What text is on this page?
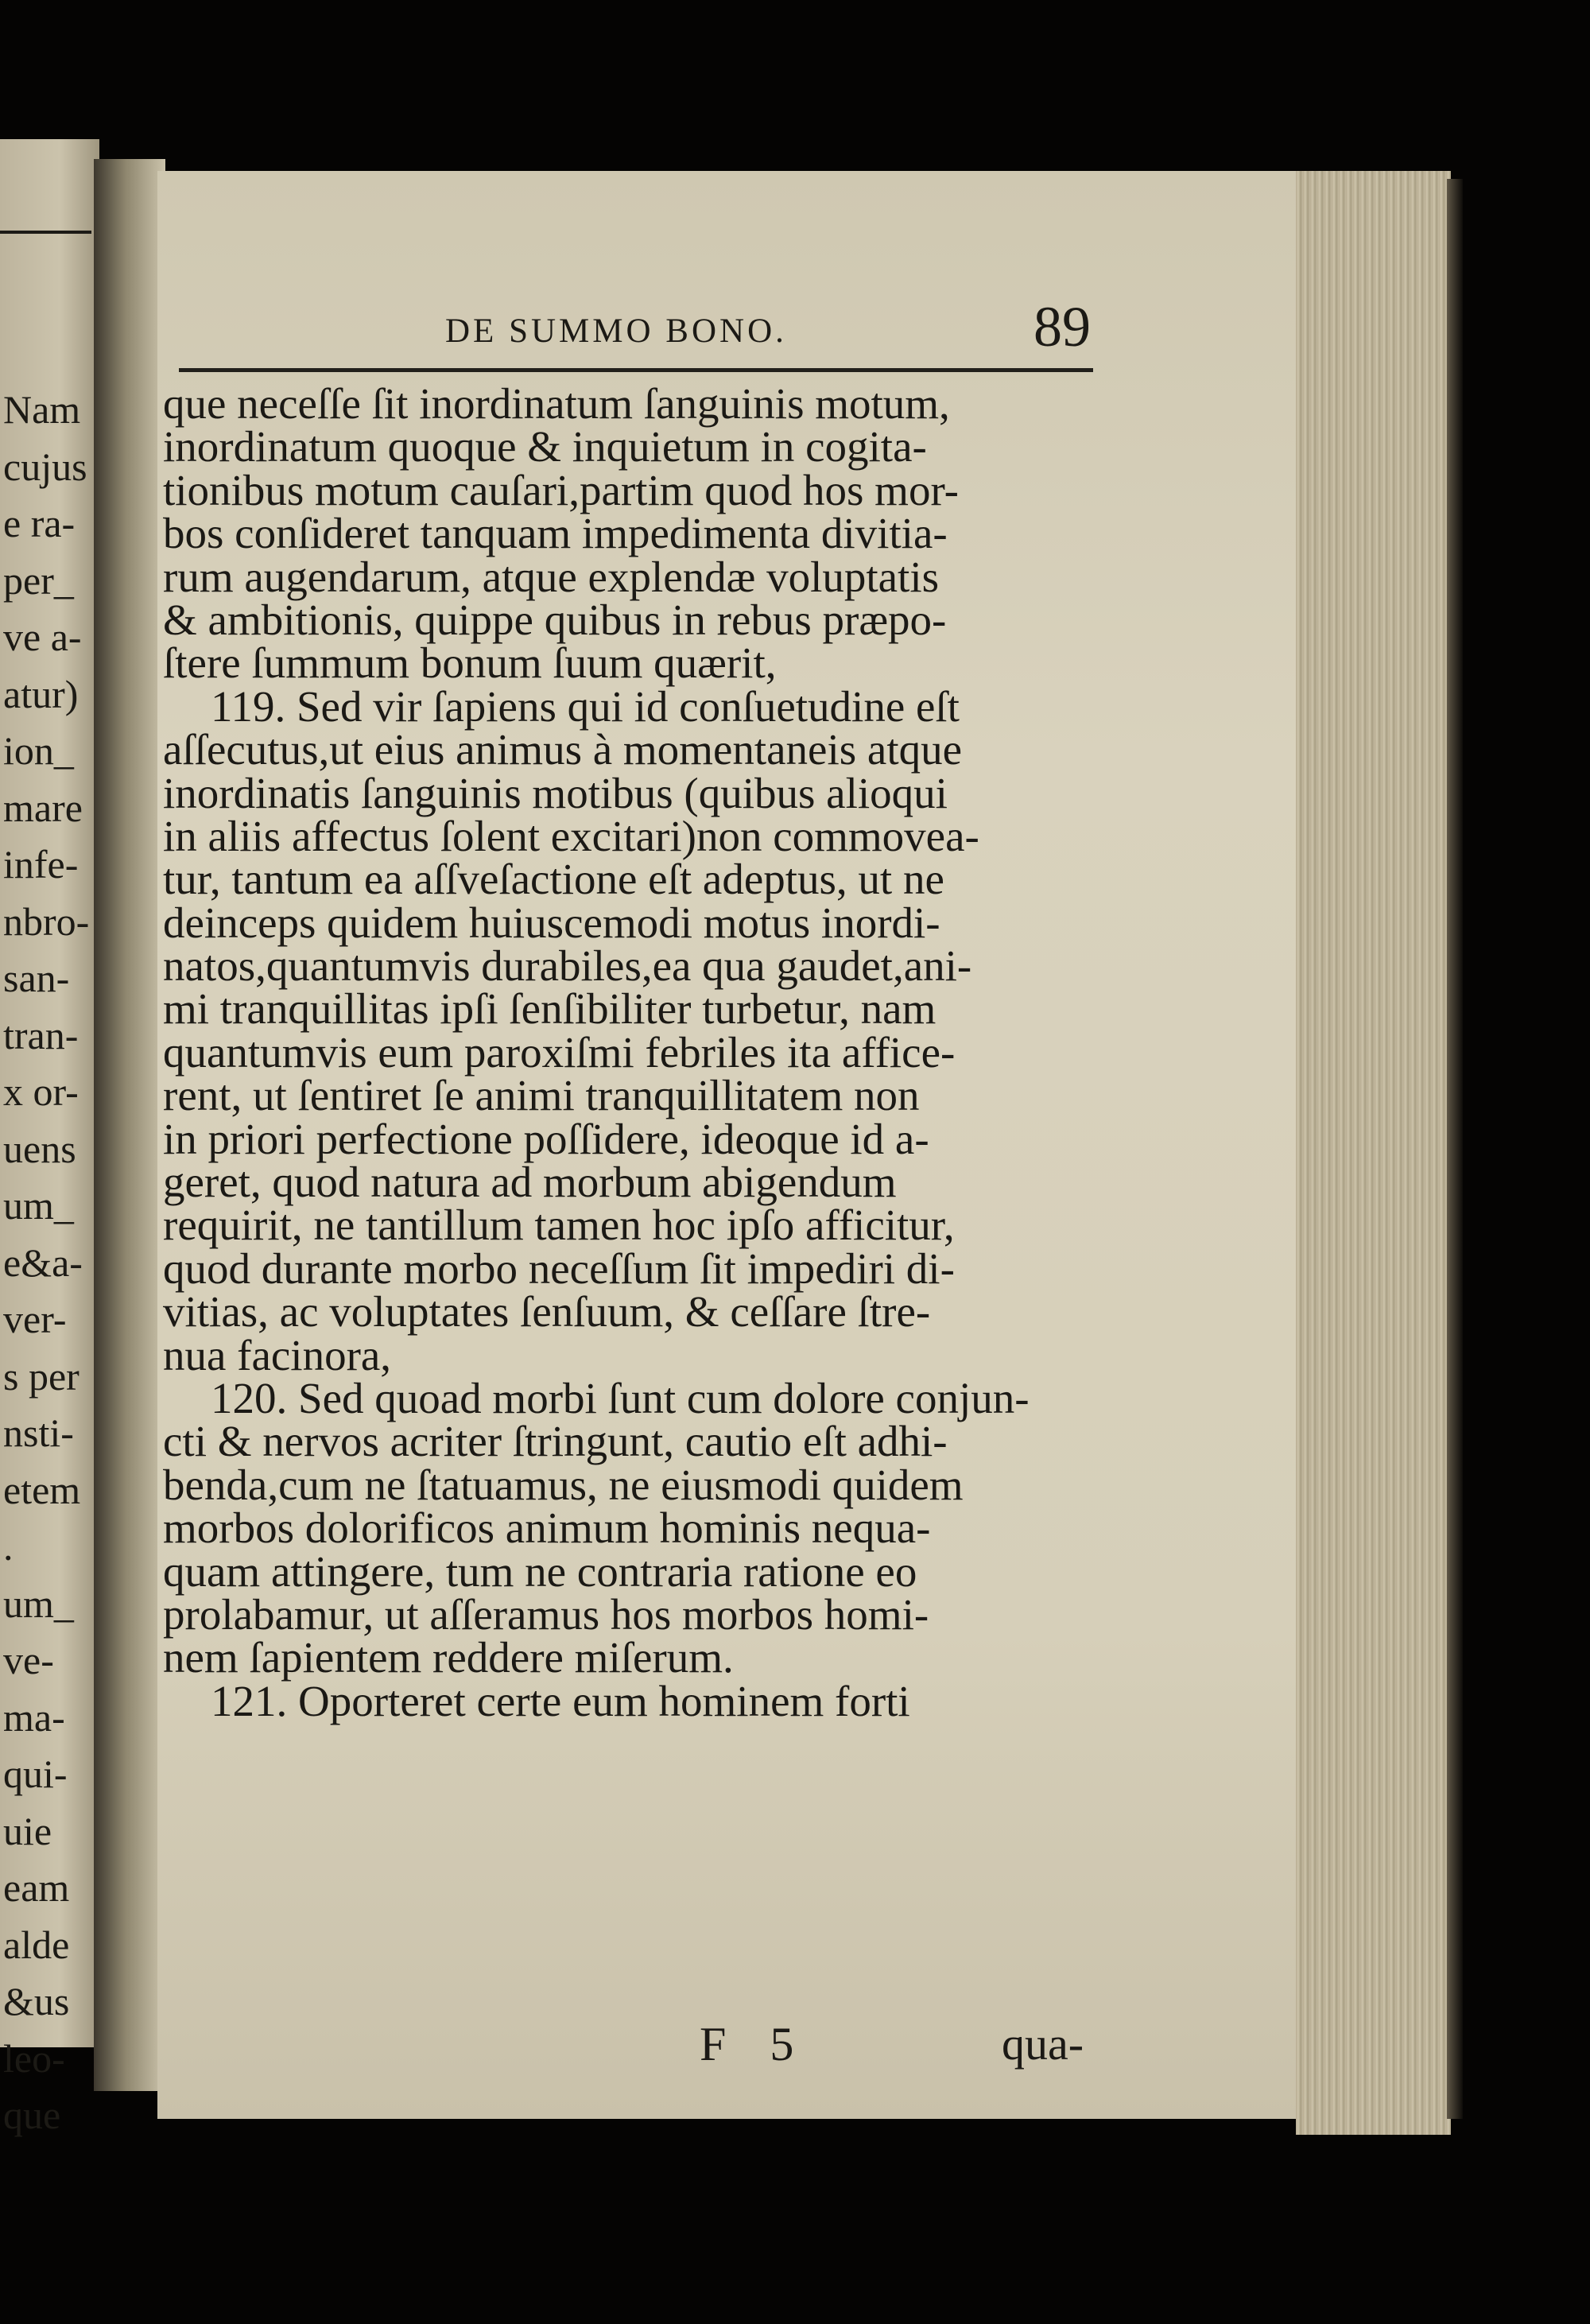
Nam
cujus
e ra-
per_
ve a-
atur)
ion_
mare
infe-
nbro-
san-
tran-
x or-
uens
um_
e&a-
ver-
s per
nsti-
etem
.
um_
ve-
ma-
qui-
uie
eam
alde
&us
leo-
que
DE SUMMO BONO.	89
que neceſſe ſit inordinatum ſanguinis motum,
inordinatum quoque & inquietum in cogita-
tionibus motum cauſari,partim quod hos mor-
bos conſideret tanquam impedimenta divitia-
rum augendarum, atque explendæ voluptatis
& ambitionis, quippe quibus in rebus præpo-
ſtere ſummum bonum ſuum quærit,
119. Sed vir ſapiens qui id conſuetudine eſt
aſſecutus,ut eius animus à momentaneis atque
inordinatis ſanguinis motibus (quibus alioqui
in aliis affectus ſolent excitari)non commovea-
tur, tantum ea aſſveſactione eſt adeptus, ut ne
deinceps quidem huiuscemodi motus inordi-
natos,quantumvis durabiles,ea qua gaudet,ani-
mi tranquillitas ipſi ſenſibiliter turbetur, nam
quantumvis eum paroxiſmi febriles ita affice-
rent, ut ſentiret ſe animi tranquillitatem non
in priori perfectione poſſidere, ideoque id a-
geret, quod natura ad morbum abigendum
requirit, ne tantillum tamen hoc ipſo afficitur,
quod durante morbo neceſſum ſit impediri di-
vitias, ac voluptates ſenſuum, & ceſſare ſtre-
nua facinora,
120. Sed quoad morbi ſunt cum dolore conjun-
cti & nervos acriter ſtringunt, cautio eſt adhi-
benda,cum ne ſtatuamus, ne eiusmodi quidem
morbos dolorificos animum hominis nequa-
quam attingere, tum ne contraria ratione eo
prolabamur, ut aſſeramus hos morbos homi-
nem ſapientem reddere miſerum.
121. Oporteret certe eum hominem forti
F 5	qua-
